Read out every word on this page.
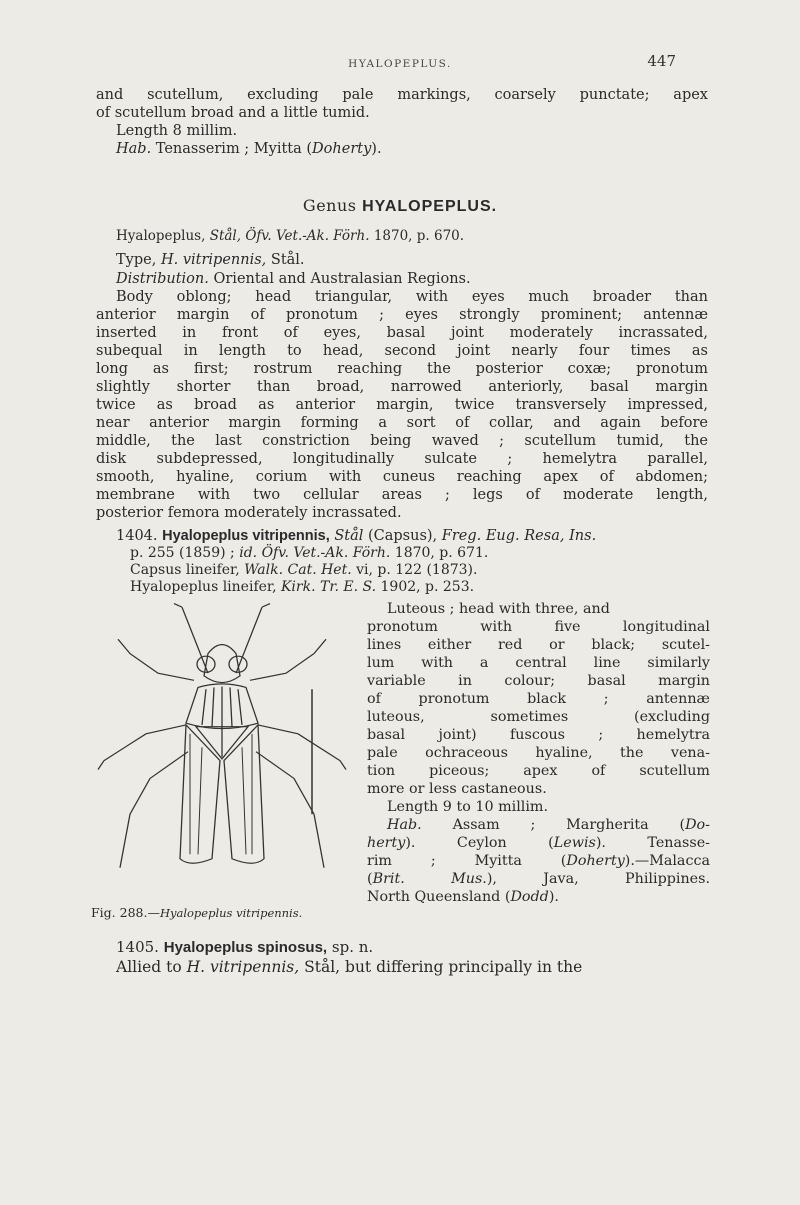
HYALOPEPLUS.	447
and scutellum, excluding pale markings, coarsely punctate; apex
of scutellum broad and a little tumid.
Length 8 millim.
Hab. Tenasserim ; Myitta (Doherty).
Genus HYALOPEPLUS.
Hyalopeplus, Stål, Öfv. Vet.-Ak. Förh. 1870, p. 670.
Type, H. vitripennis, Stål.
Distribution. Oriental and Australasian Regions.
Body oblong; head triangular, with eyes much broader than
anterior margin of pronotum ; eyes strongly prominent; antennæ
inserted in front of eyes, basal joint moderately incrassated,
subequal in length to head, second joint nearly four times as
long as first; rostrum reaching the posterior coxæ; pronotum
slightly shorter than broad, narrowed anteriorly, basal margin
twice as broad as anterior margin, twice transversely impressed,
near anterior margin forming a sort of collar, and again before
middle, the last constriction being waved ; scutellum tumid, the
disk subdepressed, longitudinally sulcate ; hemelytra parallel,
smooth, hyaline, corium with cuneus reaching apex of abdomen;
membrane with two cellular areas ; legs of moderate length,
posterior femora moderately incrassated.
1404. Hyalopeplus vitripennis, Stål (Capsus), Freg. Eug. Resa, Ins.
p. 255 (1859) ; id. Öfv. Vet.-Ak. Förh. 1870, p. 671.
Capsus lineifer, Walk. Cat. Het. vi, p. 122 (1873).
Hyalopeplus lineifer, Kirk. Tr. E. S. 1902, p. 253.
Luteous ; head with three, and
pronotum with five longitudinal
lines either red or black; scutel-
lum with a central line similarly
variable in colour; basal margin
of pronotum black ; antennæ
luteous, sometimes (excluding
basal joint) fuscous ; hemelytra
pale ochraceous hyaline, the vena-
tion piceous; apex of scutellum
more or less castaneous.
Length 9 to 10 millim.
Hab. Assam ; Margherita (Do-
herty). Ceylon (Lewis). Tenasse-
rim ; Myitta (Doherty).—Malacca
(Brit. Mus.), Java, Philippines.
North Queensland (Dodd).
Fig. 288.—Hyalopeplus vitripennis.
1405. Hyalopeplus spinosus, sp. n.
Allied to H. vitripennis, Stål, but differing principally in the
